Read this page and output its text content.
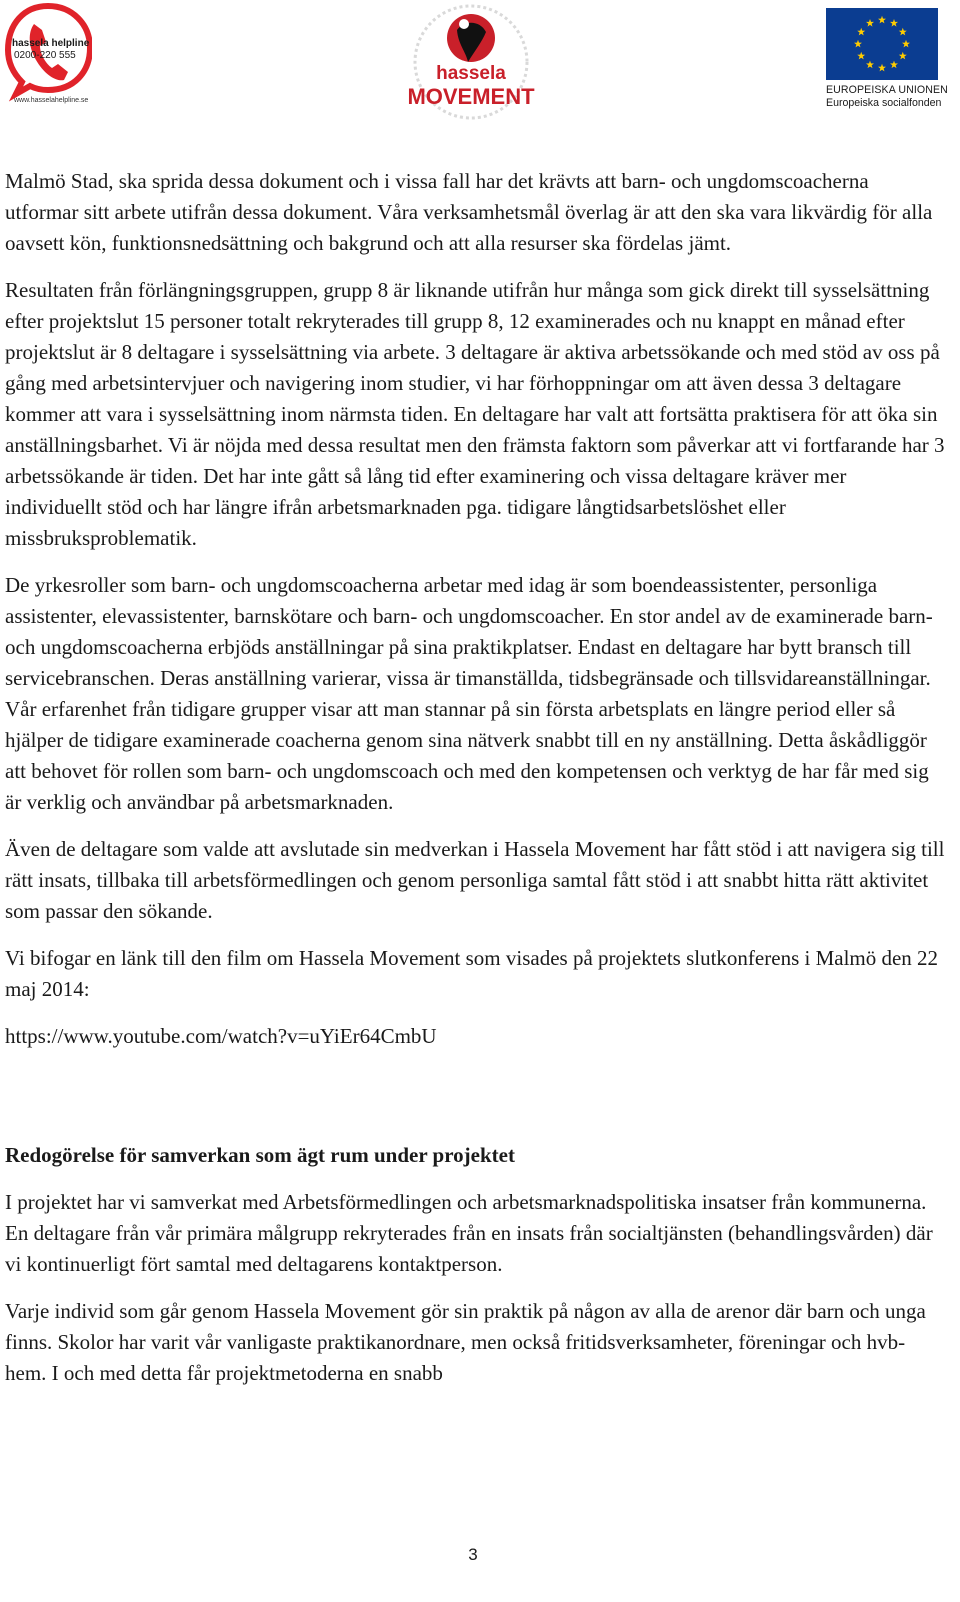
hassela helpline
0200-220 555
www.hasselahelpline.se
hassela
MOVEMENT	EUROPEISKA UNIONEN
Europeiska socialfonden

Malmö Stad, ska sprida dessa dokument och i vissa fall har det krävts att barn- och ungdomscoacherna utformar sitt arbete utifrån dessa dokument. Våra verksamhetsmål överlag är att den ska vara likvärdig för alla oavsett kön, funktionsnedsättning och bakgrund och att alla resurser ska fördelas jämt.

Resultaten från förlängningsgruppen, grupp 8 är liknande utifrån hur många som gick direkt till sysselsättning efter projektslut 15 personer totalt rekryterades till grupp 8, 12 examinerades och nu knappt en månad efter projektslut är 8 deltagare i sysselsättning via arbete. 3 deltagare är aktiva arbetssökande och med stöd av oss på gång med arbetsintervjuer och navigering inom studier, vi har förhoppningar om att även dessa 3 deltagare kommer att vara i sysselsättning inom närmsta tiden. En deltagare har valt att fortsätta praktisera för att öka sin anställningsbarhet. Vi är nöjda med dessa resultat men den främsta faktorn som påverkar att vi fortfarande har 3 arbetssökande är tiden. Det har inte gått så lång tid efter examinering och vissa deltagare kräver mer individuellt stöd och har längre ifrån arbetsmarknaden pga. tidigare långtidsarbetslöshet eller missbruksproblematik.

De yrkesroller som barn- och ungdomscoacherna arbetar med idag är som boendeassistenter, personliga assistenter, elevassistenter, barnskötare och barn- och ungdomscoacher. En stor andel av de examinerade barn- och ungdomscoacherna erbjöds anställningar på sina praktikplatser. Endast en deltagare har bytt bransch till servicebranschen. Deras anställning varierar, vissa är timanställda, tidsbegränsade och tillsvidareanställningar. Vår erfarenhet från tidigare grupper visar att man stannar på sin första arbetsplats en längre period eller så hjälper de tidigare examinerade coacherna genom sina nätverk snabbt till en ny anställning. Detta åskådliggör att behovet för rollen som barn- och ungdomscoach och med den kompetensen och verktyg de har får med sig är verklig och användbar på arbetsmarknaden.

Även de deltagare som valde att avslutade sin medverkan i Hassela Movement har fått stöd i att navigera sig till rätt insats, tillbaka till arbetsförmedlingen och genom personliga samtal fått stöd i att snabbt hitta rätt aktivitet som passar den sökande.

Vi bifogar en länk till den film om Hassela Movement som visades på projektets slutkonferens i Malmö den 22 maj 2014:

https://www.youtube.com/watch?v=uYiEr64CmbU

Redogörelse för samverkan som ägt rum under projektet

I projektet har vi samverkat med Arbetsförmedlingen och arbetsmarknadspolitiska insatser från kommunerna. En deltagare från vår primära målgrupp rekryterades från en insats från socialtjänsten (behandlingsvården) där vi kontinuerligt fört samtal med deltagarens kontaktperson.

Varje individ som går genom Hassela Movement gör sin praktik på någon av alla de arenor där barn och unga finns. Skolor har varit vår vanligaste praktikanordnare, men också fritidsverksamheter, föreningar och hvb-hem. I och med detta får projektmetoderna en snabb

3
